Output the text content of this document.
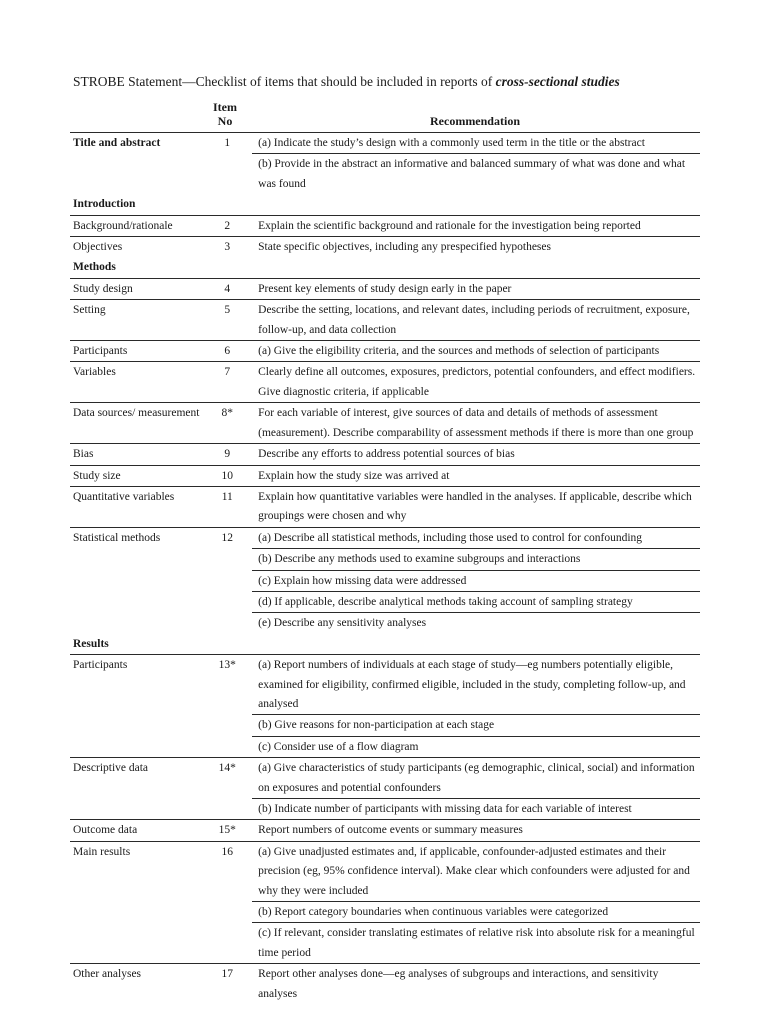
STROBE Statement—Checklist of items that should be included in reports of cross-sectional studies
Item
No	Recommendation
Title and abstract	1	(a) Indicate the study’s design with a commonly used term in the title or the abstract
(b) Provide in the abstract an informative and balanced summary of what was done and what was found
Introduction
Background/rationale	2	Explain the scientific background and rationale for the investigation being reported
Objectives	3	State specific objectives, including any prespecified hypotheses
Methods
Study design	4	Present key elements of study design early in the paper
Setting	5	Describe the setting, locations, and relevant dates, including periods of recruitment, exposure, follow-up, and data collection
Participants	6	(a) Give the eligibility criteria, and the sources and methods of selection of participants
Variables	7	Clearly define all outcomes, exposures, predictors, potential confounders, and effect modifiers. Give diagnostic criteria, if applicable
Data sources/ measurement	8*	For each variable of interest, give sources of data and details of methods of assessment (measurement). Describe comparability of assessment methods if there is more than one group
Bias	9	Describe any efforts to address potential sources of bias
Study size	10	Explain how the study size was arrived at
Quantitative variables	11	Explain how quantitative variables were handled in the analyses. If applicable, describe which groupings were chosen and why
Statistical methods	12	(a) Describe all statistical methods, including those used to control for confounding
(b) Describe any methods used to examine subgroups and interactions
(c) Explain how missing data were addressed
(d) If applicable, describe analytical methods taking account of sampling strategy
(e) Describe any sensitivity analyses
Results
Participants	13*	(a) Report numbers of individuals at each stage of study—eg numbers potentially eligible, examined for eligibility, confirmed eligible, included in the study, completing follow-up, and analysed
(b) Give reasons for non-participation at each stage
(c) Consider use of a flow diagram
Descriptive data	14*	(a) Give characteristics of study participants (eg demographic, clinical, social) and information on exposures and potential confounders
(b) Indicate number of participants with missing data for each variable of interest
Outcome data	15*	Report numbers of outcome events or summary measures
Main results	16	(a) Give unadjusted estimates and, if applicable, confounder-adjusted estimates and their precision (eg, 95% confidence interval). Make clear which confounders were adjusted for and why they were included
(b) Report category boundaries when continuous variables were categorized
(c) If relevant, consider translating estimates of relative risk into absolute risk for a meaningful time period
Other analyses	17	Report other analyses done—eg analyses of subgroups and interactions, and sensitivity analyses
